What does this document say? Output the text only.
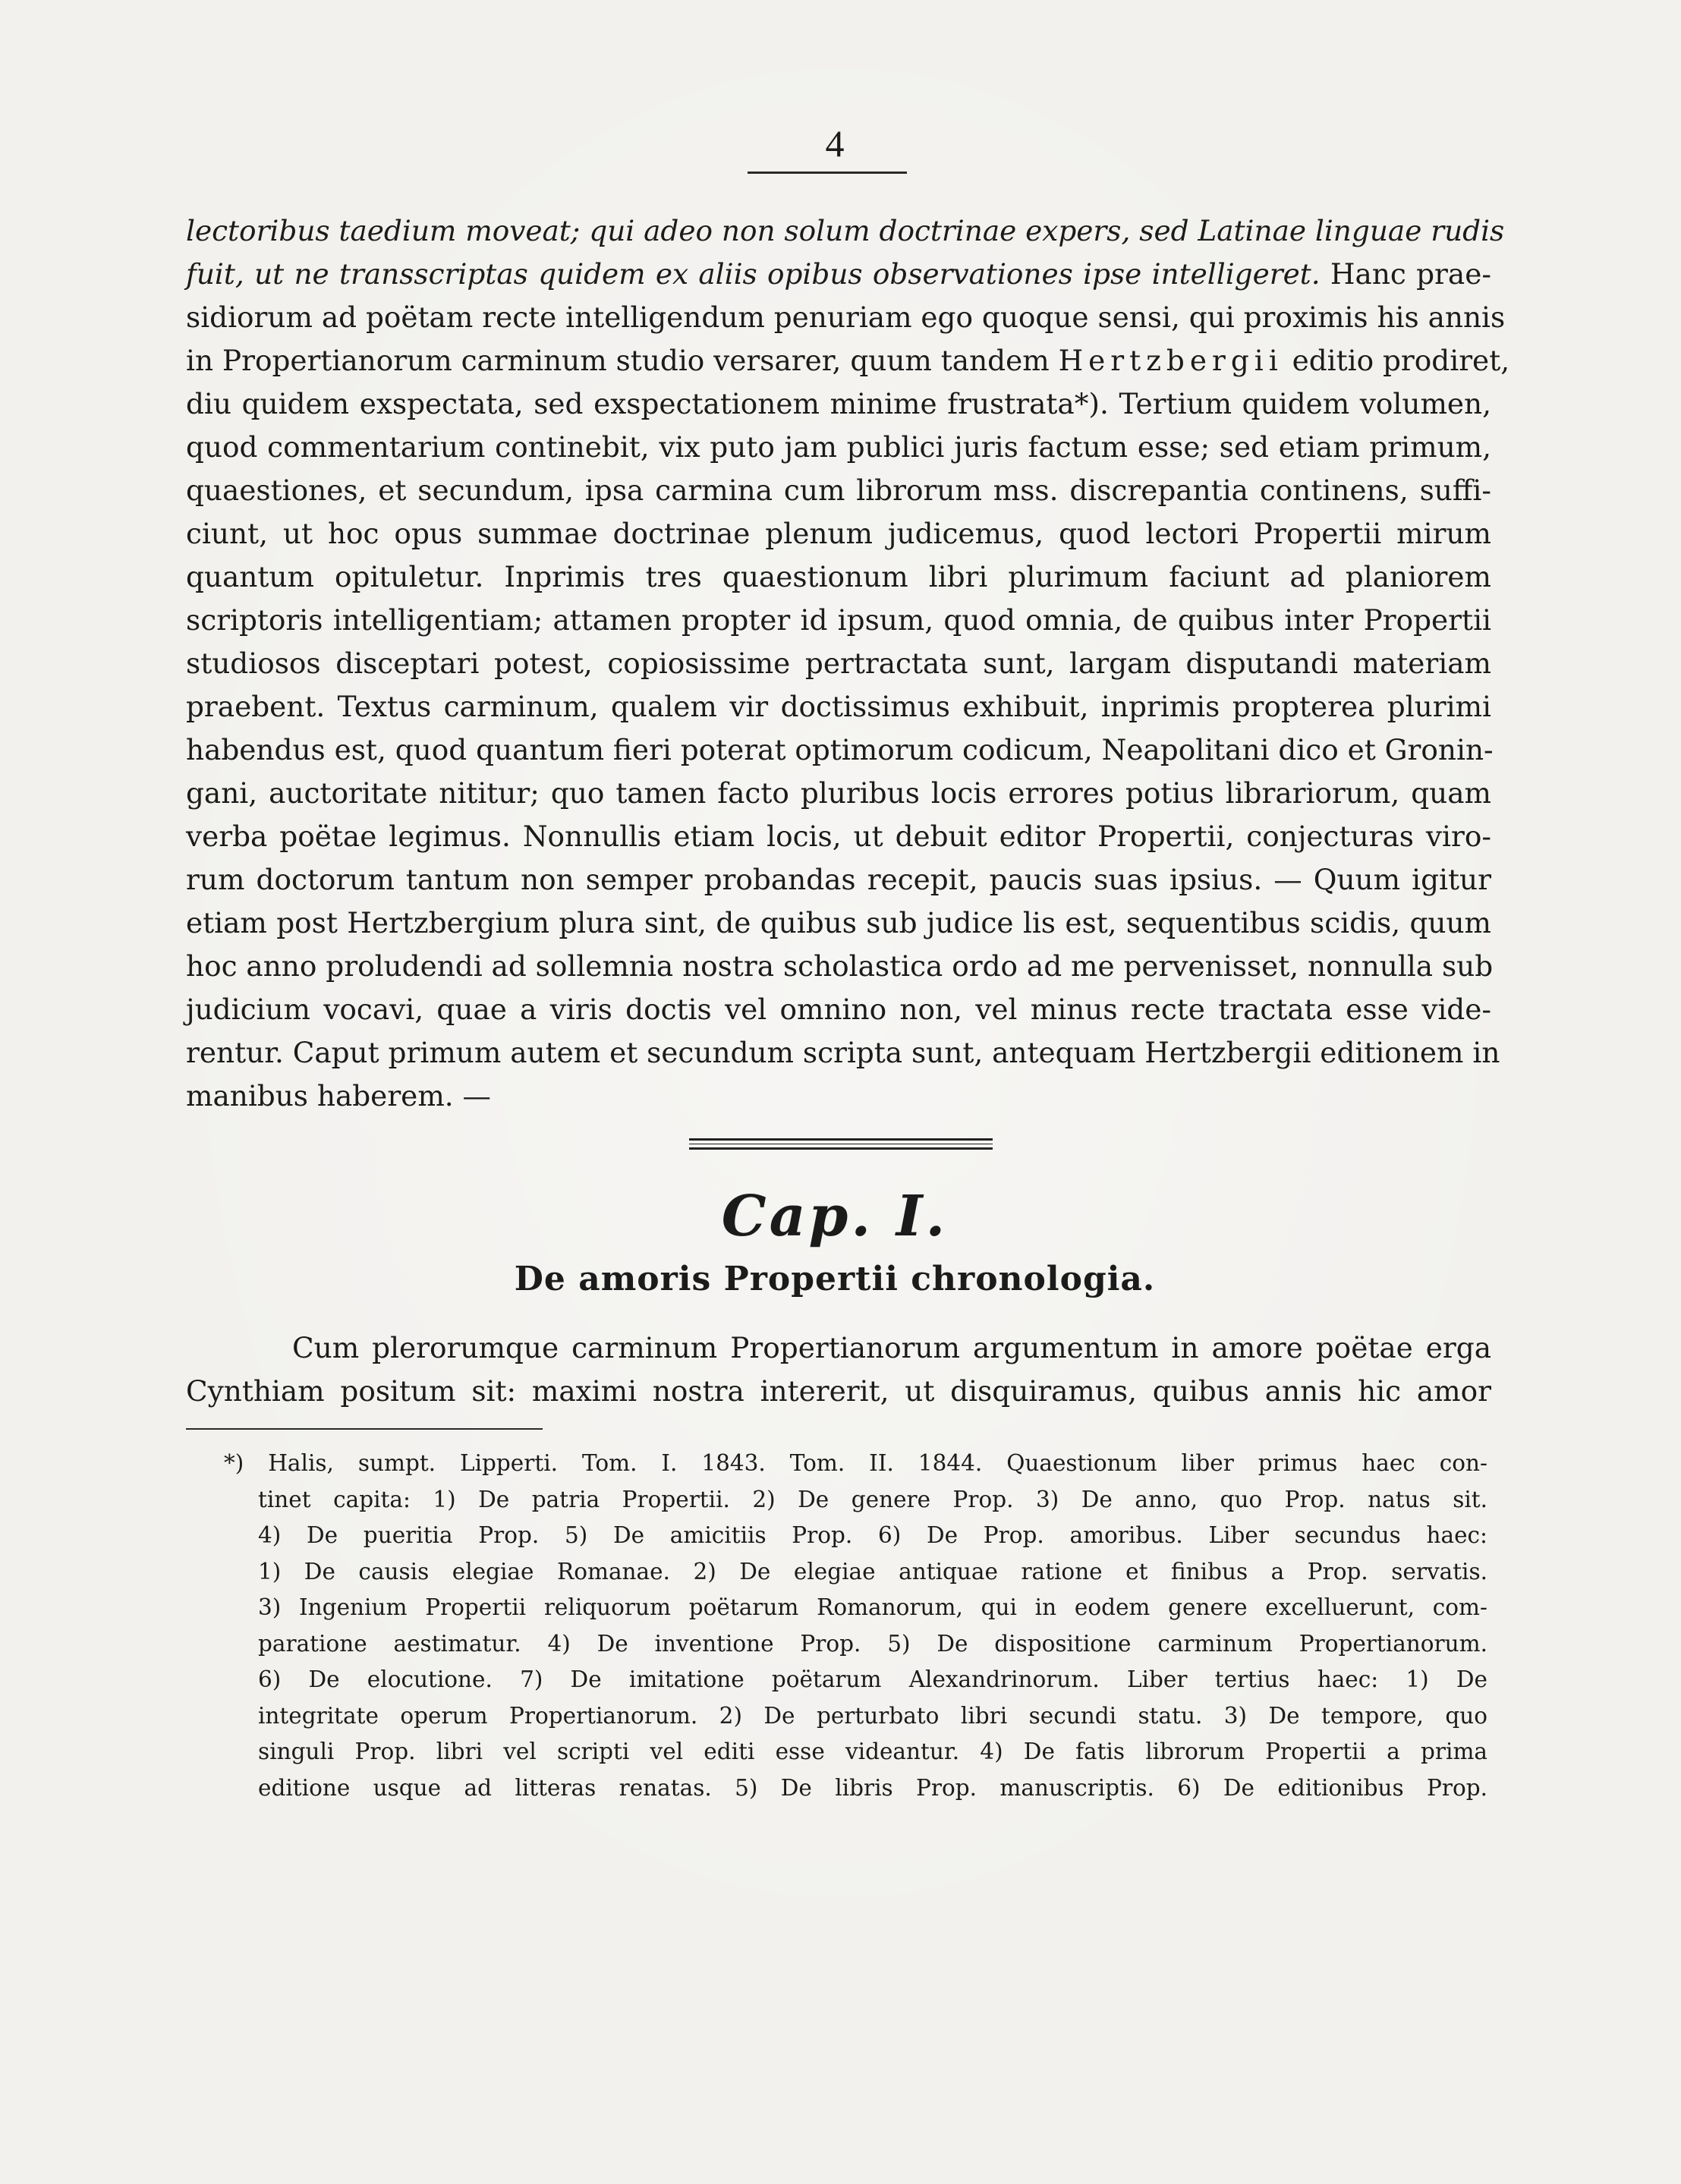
4
lectoribus taedium moveat; qui adeo non solum doctrinae expers, sed Latinae linguae rudis
fuit, ut ne transscriptas quidem ex aliis opibus observationes ipse intelligeret. Hanc prae-
sidiorum ad poëtam recte intelligendum penuriam ego quoque sensi, qui proximis his annis
in Propertianorum carminum studio versarer, quum tandem Hertzbergii editio prodiret,
diu quidem exspectata, sed exspectationem minime frustrata*). Tertium quidem volumen,
quod commentarium continebit, vix puto jam publici juris factum esse; sed etiam primum,
quaestiones, et secundum, ipsa carmina cum librorum mss. discrepantia continens, suffi-
ciunt, ut hoc opus summae doctrinae plenum judicemus, quod lectori Propertii mirum
quantum opituletur. Inprimis tres quaestionum libri plurimum faciunt ad planiorem
scriptoris intelligentiam; attamen propter id ipsum, quod omnia, de quibus inter Propertii
studiosos disceptari potest, copiosissime pertractata sunt, largam disputandi materiam
praebent. Textus carminum, qualem vir doctissimus exhibuit, inprimis propterea plurimi
habendus est, quod quantum fieri poterat optimorum codicum, Neapolitani dico et Gronin-
gani, auctoritate nititur; quo tamen facto pluribus locis errores potius librariorum, quam
verba poëtae legimus. Nonnullis etiam locis, ut debuit editor Propertii, conjecturas viro-
rum doctorum tantum non semper probandas recepit, paucis suas ipsius. — Quum igitur
etiam post Hertzbergium plura sint, de quibus sub judice lis est, sequentibus scidis, quum
hoc anno proludendi ad sollemnia nostra scholastica ordo ad me pervenisset, nonnulla sub
judicium vocavi, quae a viris doctis vel omnino non, vel minus recte tractata esse vide-
rentur. Caput primum autem et secundum scripta sunt, antequam Hertzbergii editionem in
manibus haberem. —
Cap. I.
De amoris Propertii chronologia.
Cum plerorumque carminum Propertianorum argumentum in amore poëtae erga
Cynthiam positum sit: maximi nostra intererit, ut disquiramus, quibus annis hic amor
*) Halis, sumpt. Lipperti. Tom. I. 1843. Tom. II. 1844. Quaestionum liber primus haec con-
tinet capita: 1) De patria Propertii. 2) De genere Prop. 3) De anno, quo Prop. natus sit.
4) De pueritia Prop. 5) De amicitiis Prop. 6) De Prop. amoribus. Liber secundus haec:
1) De causis elegiae Romanae. 2) De elegiae antiquae ratione et finibus a Prop. servatis.
3) Ingenium Propertii reliquorum poëtarum Romanorum, qui in eodem genere excelluerunt, com-
paratione aestimatur. 4) De inventione Prop. 5) De dispositione carminum Propertianorum.
6) De elocutione. 7) De imitatione poëtarum Alexandrinorum. Liber tertius haec: 1) De
integritate operum Propertianorum. 2) De perturbato libri secundi statu. 3) De tempore, quo
singuli Prop. libri vel scripti vel editi esse videantur. 4) De fatis librorum Propertii a prima
editione usque ad litteras renatas. 5) De libris Prop. manuscriptis. 6) De editionibus Prop.
